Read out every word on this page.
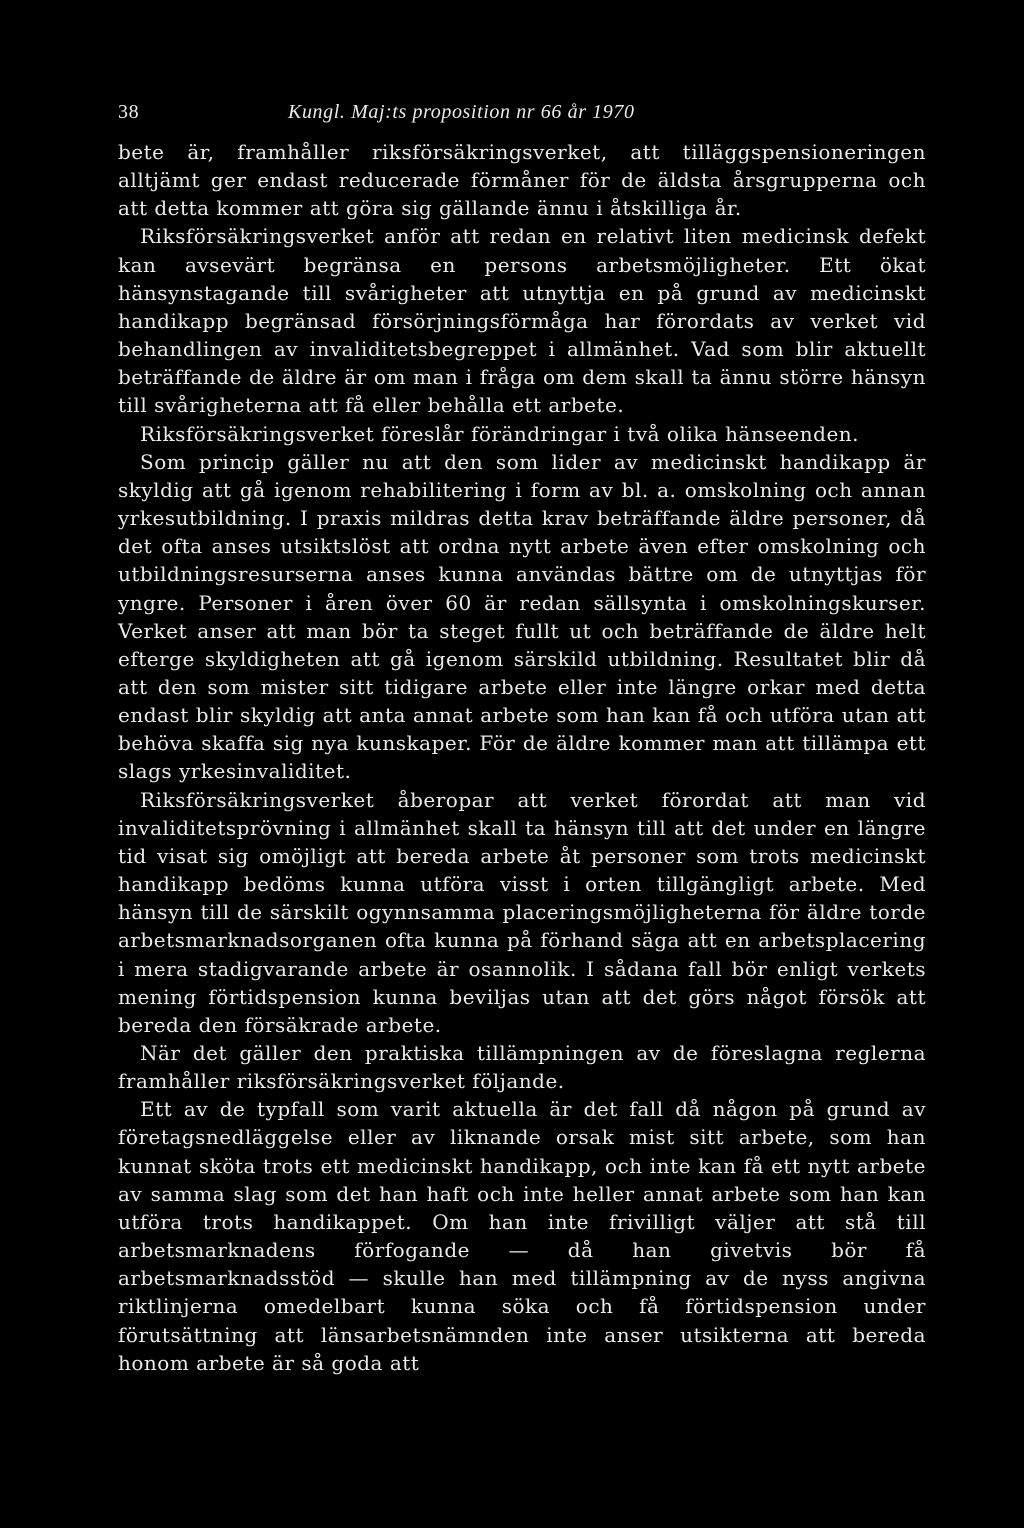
38	Kungl. Maj:ts proposition nr 66 år 1970

bete är, framhåller riksförsäkringsverket, att tilläggspensioneringen alltjämt ger endast reducerade förmåner för de äldsta årsgrupperna och att detta kommer att göra sig gällande ännu i åtskilliga år.

Riksförsäkringsverket anför att redan en relativt liten medicinsk defekt kan avsevärt begränsa en persons arbetsmöjligheter. Ett ökat hänsynstagande till svårigheter att utnyttja en på grund av medicinskt handikapp begränsad försörjningsförmåga har förordats av verket vid behandlingen av invaliditetsbegreppet i allmänhet. Vad som blir aktuellt beträffande de äldre är om man i fråga om dem skall ta ännu större hänsyn till svårigheterna att få eller behålla ett arbete.

Riksförsäkringsverket föreslår förändringar i två olika hänseenden.

Som princip gäller nu att den som lider av medicinskt handikapp är skyldig att gå igenom rehabilitering i form av bl. a. omskolning och annan yrkesutbildning. I praxis mildras detta krav beträffande äldre personer, då det ofta anses utsiktslöst att ordna nytt arbete även efter omskolning och utbildningsresurserna anses kunna användas bättre om de utnyttjas för yngre. Personer i åren över 60 är redan sällsynta i omskolningskurser. Verket anser att man bör ta steget fullt ut och beträffande de äldre helt efterge skyldigheten att gå igenom särskild utbildning. Resultatet blir då att den som mister sitt tidigare arbete eller inte längre orkar med detta endast blir skyldig att anta annat arbete som han kan få och utföra utan att behöva skaffa sig nya kunskaper. För de äldre kommer man att tillämpa ett slags yrkesinvaliditet.

Riksförsäkringsverket åberopar att verket förordat att man vid invaliditetsprövning i allmänhet skall ta hänsyn till att det under en längre tid visat sig omöjligt att bereda arbete åt personer som trots medicinskt handikapp bedöms kunna utföra visst i orten tillgängligt arbete. Med hänsyn till de särskilt ogynnsamma placeringsmöjligheterna för äldre torde arbetsmarknadsorganen ofta kunna på förhand säga att en arbetsplacering i mera stadigvarande arbete är osannolik. I sådana fall bör enligt verkets mening förtidspension kunna beviljas utan att det görs något försök att bereda den försäkrade arbete.

När det gäller den praktiska tillämpningen av de föreslagna reglerna framhåller riksförsäkringsverket följande.

Ett av de typfall som varit aktuella är det fall då någon på grund av företagsnedläggelse eller av liknande orsak mist sitt arbete, som han kunnat sköta trots ett medicinskt handikapp, och inte kan få ett nytt arbete av samma slag som det han haft och inte heller annat arbete som han kan utföra trots handikappet. Om han inte frivilligt väljer att stå till arbetsmarknadens förfogande — då han givetvis bör få arbetsmarknadsstöd — skulle han med tillämpning av de nyss angivna riktlinjerna omedelbart kunna söka och få förtidspension under förutsättning att länsarbetsnämnden inte anser utsikterna att bereda honom arbete är så goda att
